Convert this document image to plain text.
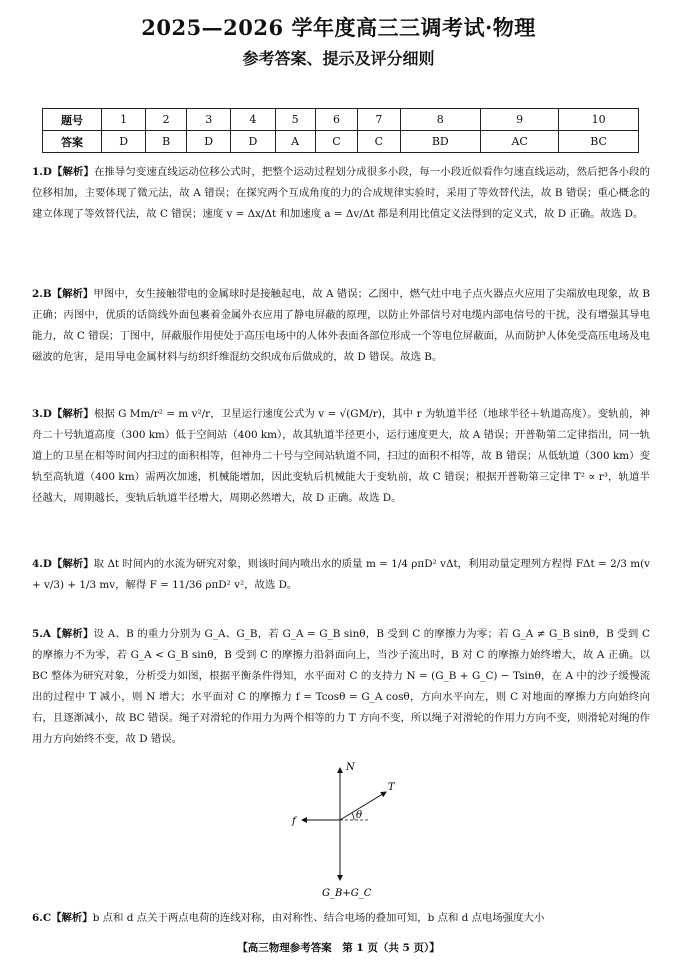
2025—2026 学年度高三三调考试·物理
参考答案、提示及评分细则
题号	1	2	3	4	5	6	7	8	9	10
答案	D	B	D	D	A	C	C	BD	AC	BC

1.D【解析】在推导匀变速直线运动位移公式时，把整个运动过程划分成很多小段，每一小段近似看作匀速直线运动，然后把各小段的位移相加，主要体现了微元法，故 A 错误；在探究两个互成角度的力的合成规律实验时，采用了等效替代法，故 B 错误；重心概念的建立体现了等效替代法，故 C 错误；速度 v = Δx/Δt 和加速度 a = Δv/Δt 都是利用比值定义法得到的定义式，故 D 正确。故选 D。

2.B【解析】甲图中，女生接触带电的金属球时是接触起电，故 A 错误；乙图中，燃气灶中电子点火器点火应用了尖端放电现象，故 B 正确；丙图中，优质的话筒线外面包裹着金属外衣应用了静电屏蔽的原理，以防止外部信号对电缆内部电信号的干扰，没有增强其导电能力，故 C 错误；丁图中，屏蔽服作用使处于高压电场中的人体外表面各部位形成一个等电位屏蔽面，从而防护人体免受高压电场及电磁波的危害，是用导电金属材料与纺织纤维混纺交织成布后做成的，故 D 错误。故选 B。

3.D【解析】根据 G Mm/r² = m v²/r，卫星运行速度公式为 v = √(GM/r)，其中 r 为轨道半径（地球半径＋轨道高度）。变轨前，神舟二十号轨道高度（300 km）低于空间站（400 km），故其轨道半径更小，运行速度更大，故 A 错误；开普勒第二定律指出，同一轨道上的卫星在相等时间内扫过的面积相等，但神舟二十号与空间站轨道不同，扫过的面积不相等，故 B 错误；从低轨道（300 km）变轨至高轨道（400 km）需两次加速，机械能增加，因此变轨后机械能大于变轨前，故 C 错误；根据开普勒第三定律 T² ∝ r³，轨道半径越大，周期越长，变轨后轨道半径增大，周期必然增大，故 D 正确。故选 D。

4.D【解析】取 Δt 时间内的水流为研究对象，则该时间内喷出水的质量 m = 1/4 ρπD² vΔt，利用动量定理列方程得 FΔt = 2/3 m(v + v/3) + 1/3 mv，解得 F = 11/36 ρπD² v²，故选 D。

5.A【解析】设 A、B 的重力分别为 G_A、G_B，若 G_A = G_B sinθ，B 受到 C 的摩擦力为零；若 G_A ≠ G_B sinθ，B 受到 C 的摩擦力不为零，若 G_A < G_B sinθ，B 受到 C 的摩擦力沿斜面向上，当沙子流出时，B 对 C 的摩擦力始终增大，故 A 正确。以 BC 整体为研究对象，分析受力如图，根据平衡条件得知，水平面对 C 的支持力 N = (G_B + G_C) − Tsinθ，在 A 中的沙子缓慢流出的过程中 T 减小，则 N 增大；水平面对 C 的摩擦力 f = Tcosθ = G_A cosθ，方向水平向左，则 C 对地面的摩擦力方向始终向右，且逐渐减小，故 BC 错误。绳子对滑轮的作用力为两个相等的力 T 方向不变，所以绳子对滑轮的作用力方向不变，则滑轮对绳的作用力方向始终不变，故 D 错误。

N
T
f
θ
G_B+G_C

6.C【解析】b 点和 d 点关于两点电荷的连线对称，由对称性、结合电场的叠加可知，b 点和 d 点电场强度大小

【高三物理参考答案　第 1 页（共 5 页）】
